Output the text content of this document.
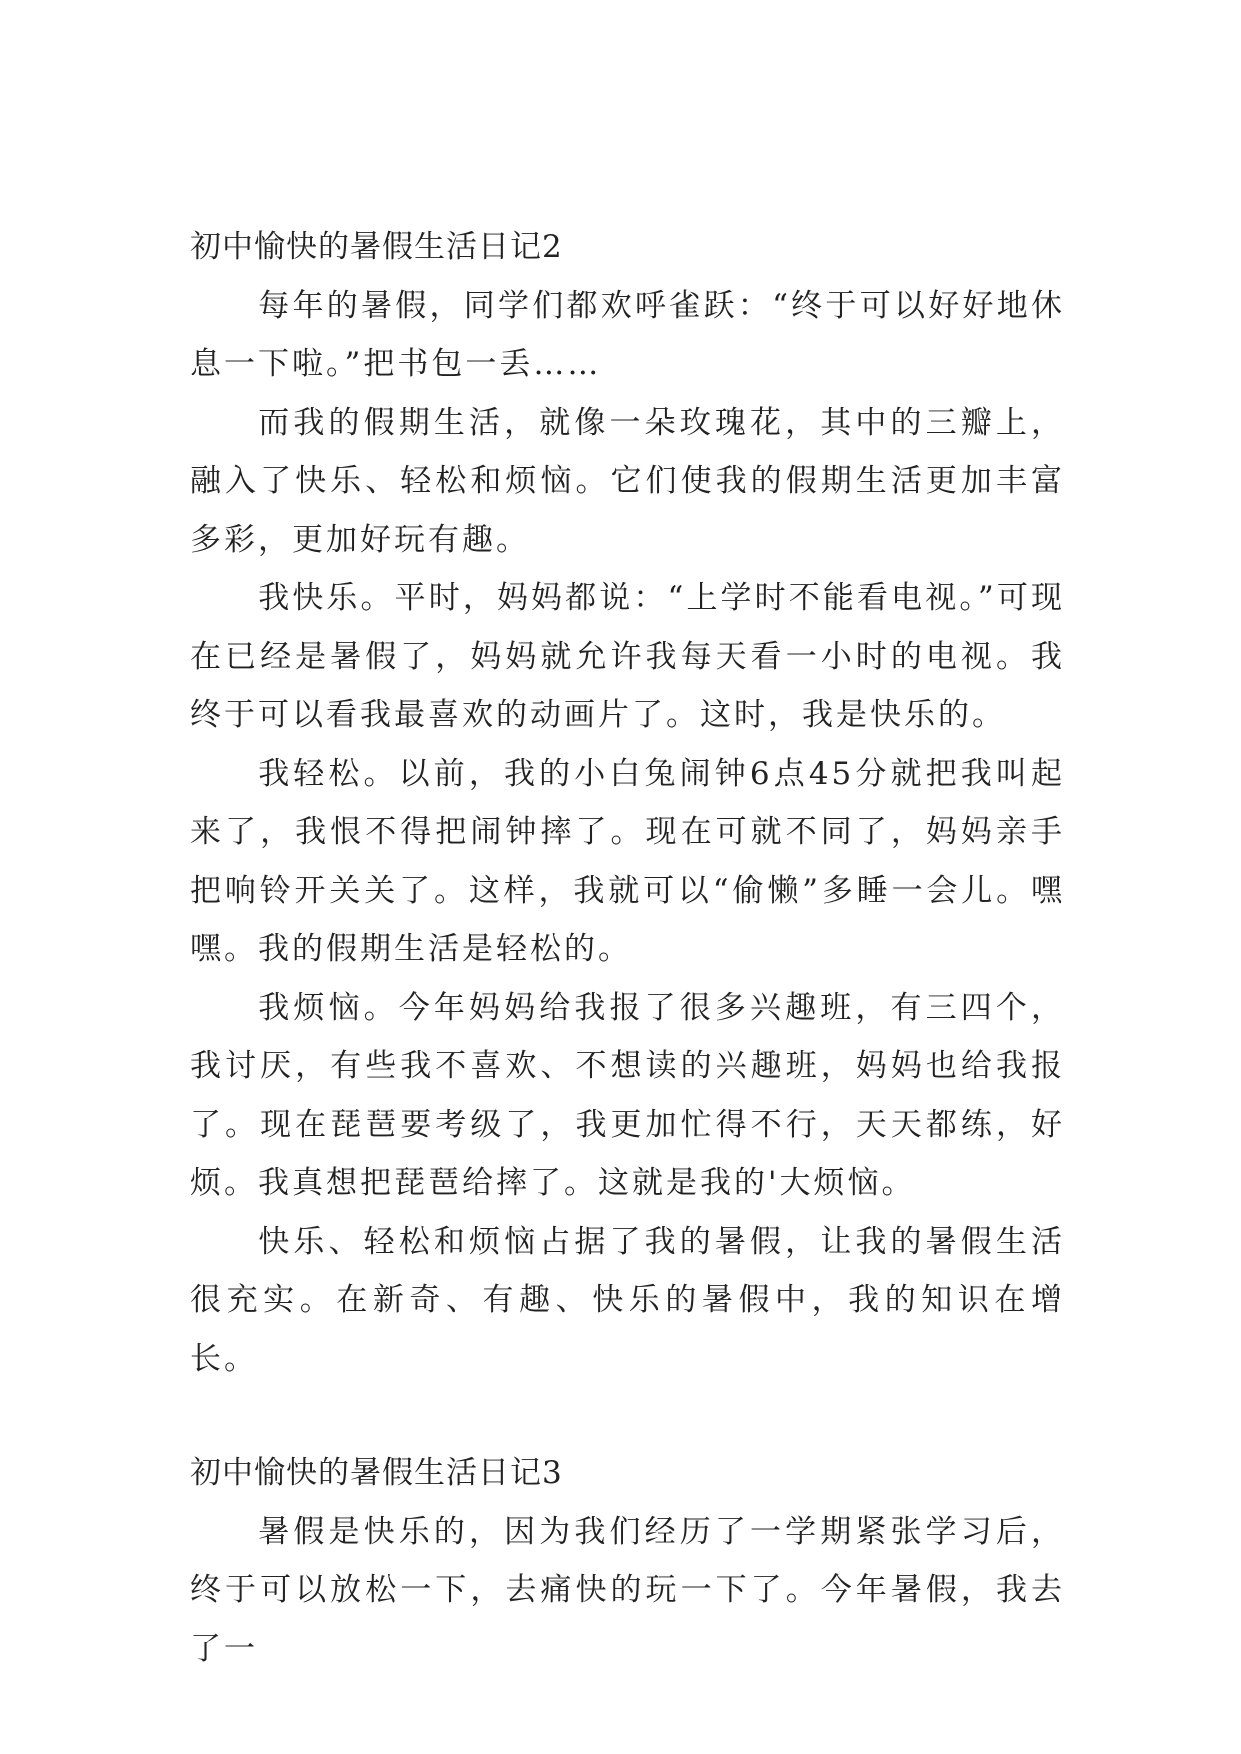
初中愉快的暑假生活日记2

每年的暑假，同学们都欢呼雀跃：“终于可以好好地休息一下啦。”把书包一丢……

而我的假期生活，就像一朵玫瑰花，其中的三瓣上，融入了快乐、轻松和烦恼。它们使我的假期生活更加丰富多彩，更加好玩有趣。

我快乐。平时，妈妈都说：“上学时不能看电视。”可现在已经是暑假了，妈妈就允许我每天看一小时的电视。我终于可以看我最喜欢的动画片了。这时，我是快乐的。

我轻松。以前，我的小白兔闹钟6点45分就把我叫起来了，我恨不得把闹钟摔了。现在可就不同了，妈妈亲手把响铃开关关了。这样，我就可以“偷懒”多睡一会儿。嘿嘿。我的假期生活是轻松的。

我烦恼。今年妈妈给我报了很多兴趣班，有三四个，我讨厌，有些我不喜欢、不想读的兴趣班，妈妈也给我报了。现在琵琶要考级了，我更加忙得不行，天天都练，好烦。我真想把琵琶给摔了。这就是我的'大烦恼。

快乐、轻松和烦恼占据了我的暑假，让我的暑假生活很充实。在新奇、有趣、快乐的暑假中，我的知识在增长。

初中愉快的暑假生活日记3

暑假是快乐的，因为我们经历了一学期紧张学习后，终于可以放松一下，去痛快的玩一下了。今年暑假，我去了一
